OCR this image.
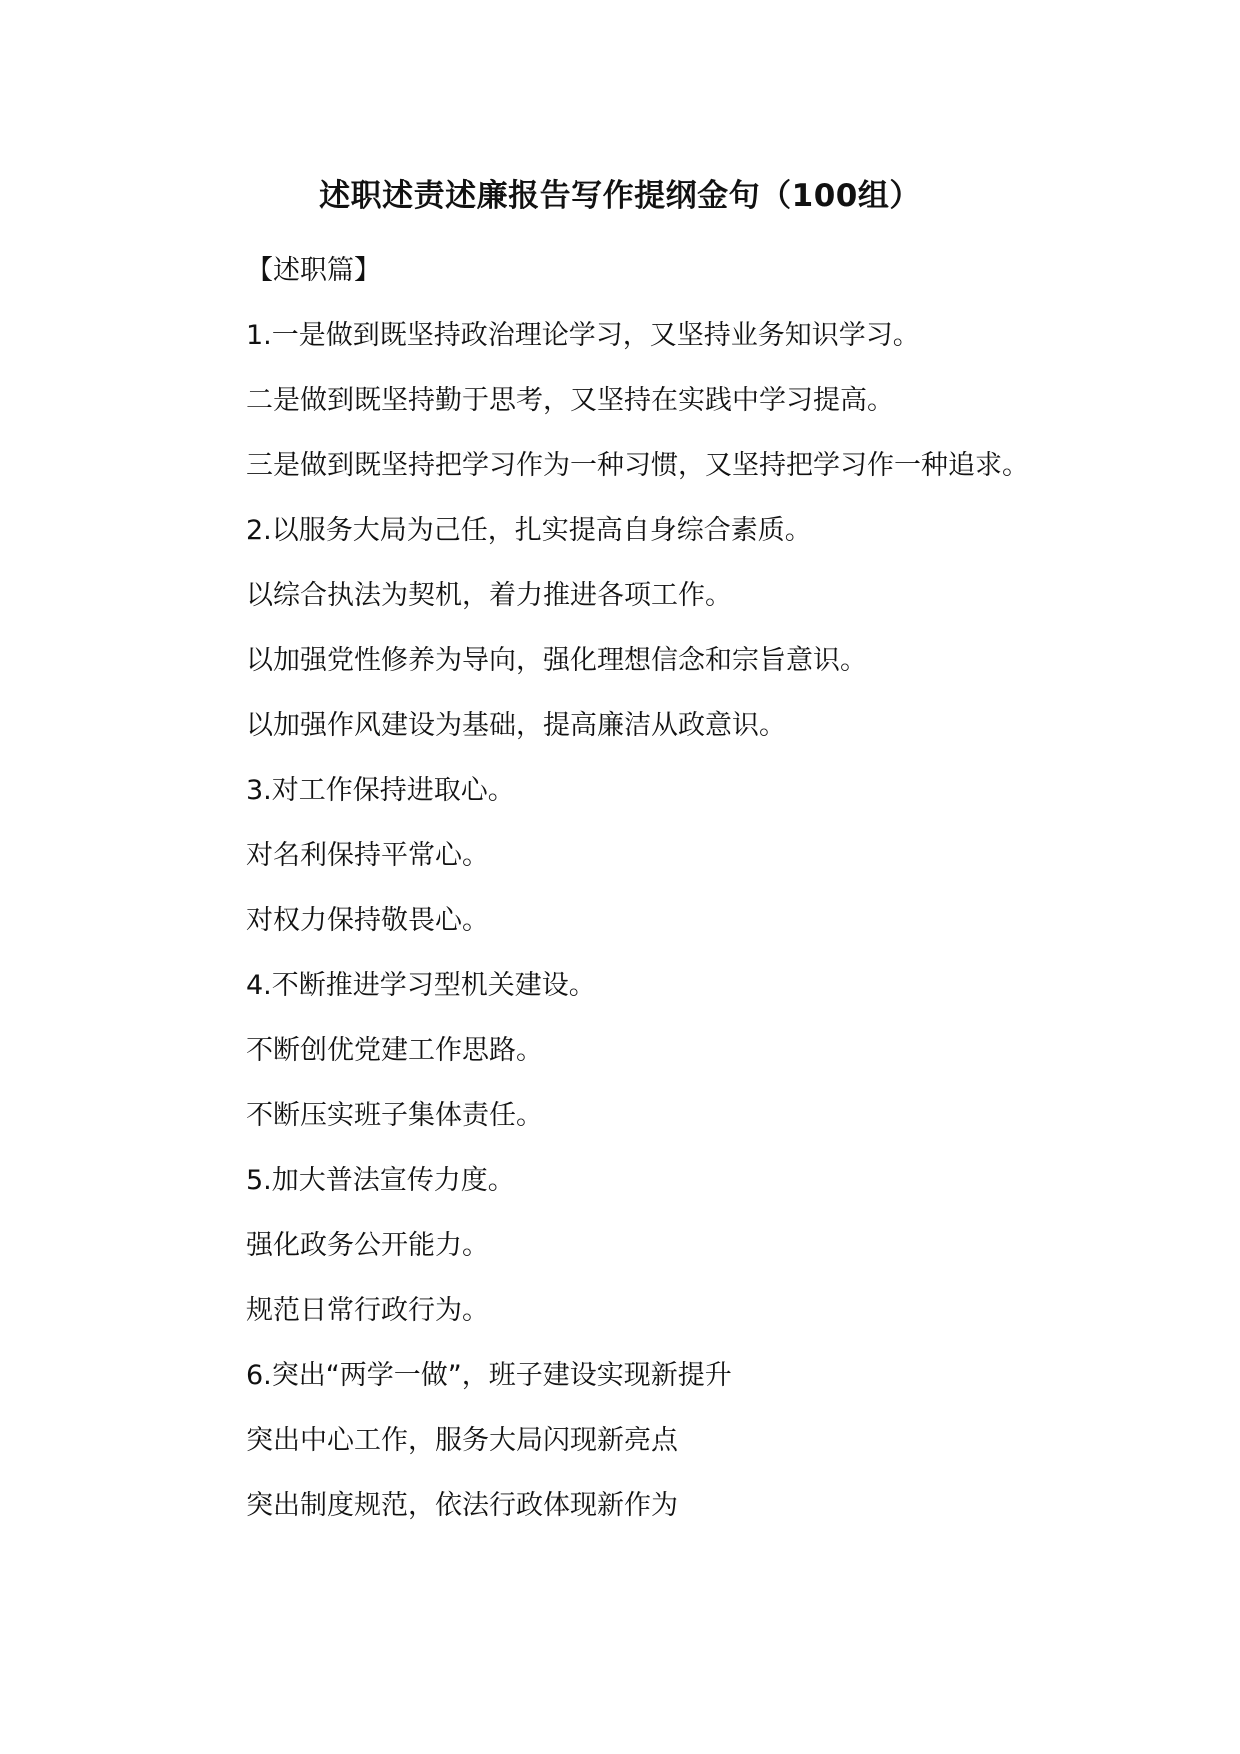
述职述责述廉报告写作提纲金句（100组）

【述职篇】

1.一是做到既坚持政治理论学习，又坚持业务知识学习。

二是做到既坚持勤于思考，又坚持在实践中学习提高。

三是做到既坚持把学习作为一种习惯，又坚持把学习作一种追求。

2.以服务大局为己任，扎实提高自身综合素质。

以综合执法为契机，着力推进各项工作。

以加强党性修养为导向，强化理想信念和宗旨意识。

以加强作风建设为基础，提高廉洁从政意识。

3.对工作保持进取心。

对名利保持平常心。

对权力保持敬畏心。

4.不断推进学习型机关建设。

不断创优党建工作思路。

不断压实班子集体责任。

5.加大普法宣传力度。

强化政务公开能力。

规范日常行政行为。

6.突出“两学一做”，班子建设实现新提升

突出中心工作，服务大局闪现新亮点

突出制度规范，依法行政体现新作为
